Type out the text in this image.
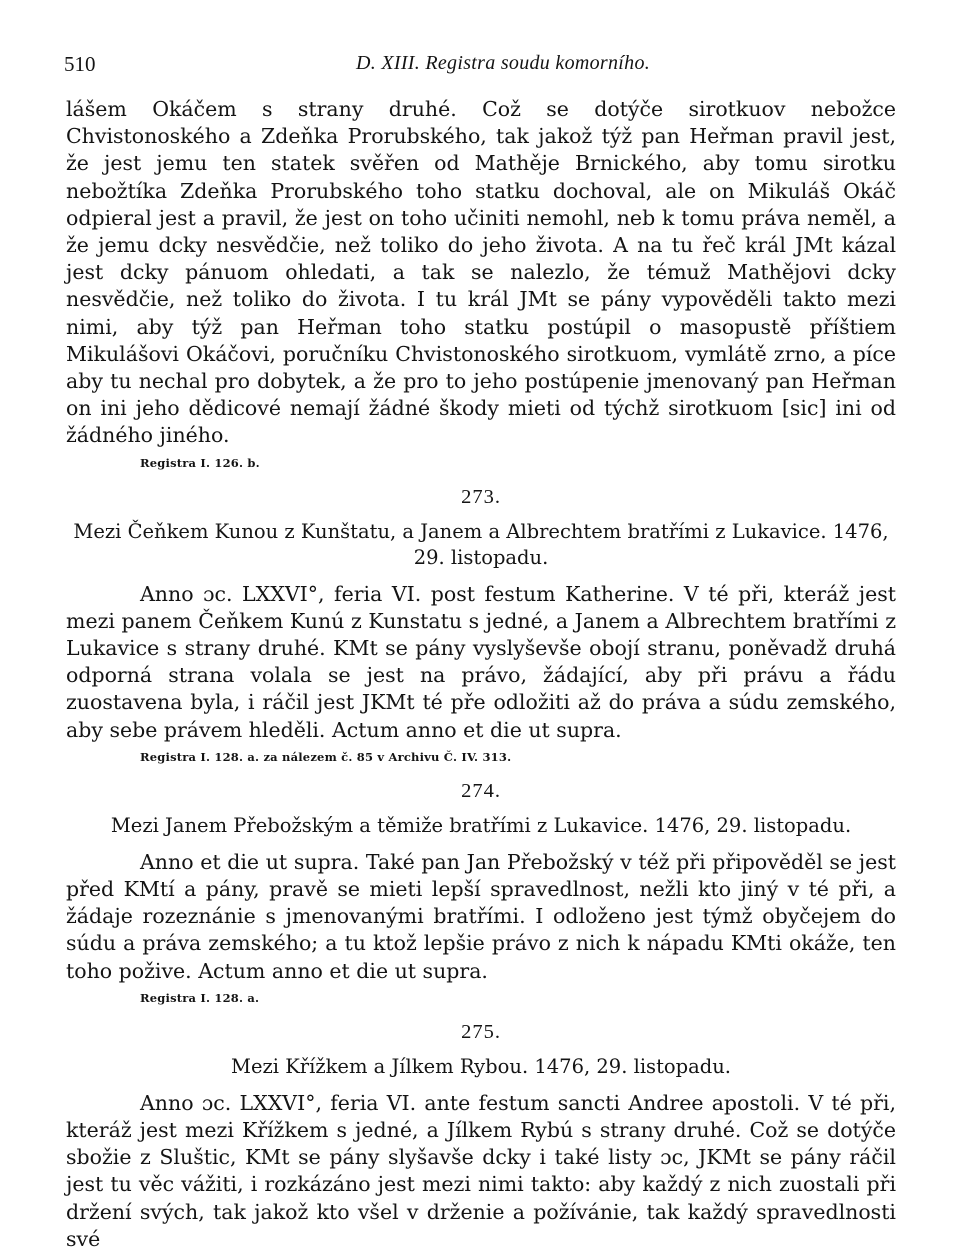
510	D. XIII. Registra soudu komorního.

lášem Okáčem s strany druhé. Což se dotýče sirotkuov nebožce Chvistonoského a Zdeňka Prorubského, tak jakož týž pan Heřman pravil jest, že jest jemu ten statek svěřen od Mathěje Brnického, aby tomu sirotku nebožtíka Zdeňka Prorubského toho statku dochoval, ale on Mikuláš Okáč odpieral jest a pravil, že jest on toho učiniti nemohl, neb k tomu práva neměl, a že jemu dcky nesvědčie, než toliko do jeho života. A na tu řeč král JMt kázal jest dcky pánuom ohledati, a tak se nalezlo, že témuž Mathějovi dcky nesvědčie, než toliko do života. I tu král JMt se pány vypověděli takto mezi nimi, aby týž pan Heřman toho statku postúpil o masopustě příštiem Mikulášovi Okáčovi, poručníku Chvistonoského sirotkuom, vymlátě zrno, a píce aby tu nechal pro dobytek, a že pro to jeho postúpenie jmenovaný pan Heřman on ini jeho dědicové nemají žádné škody mieti od týchž sirotkuom [sic] ini od žádného jiného.

Registra I. 126. b.
273.
Mezi Čeňkem Kunou z Kunštatu, a Janem a Albrechtem bratřími z Lukavice. 1476, 29. listopadu.

Anno ɔc. LXXVI°, feria VI. post festum Katherine. V té při, kteráž jest mezi panem Čeňkem Kunú z Kunstatu s jedné, a Janem a Albrechtem bratřími z Lukavice s strany druhé. KMt se pány vyslyševše obojí stranu, poněvadž druhá odporná strana volala se jest na právo, žádající, aby při právu a řádu zuostavena byla, i ráčil jest JKMt té pře odložiti až do práva a súdu zemského, aby sebe právem hleděli. Actum anno et die ut supra.

Registra I. 128. a. za nálezem č. 85 v Archivu Č. IV. 313.
274.
Mezi Janem Přebožským a těmiže bratřími z Lukavice. 1476, 29. listopadu.

Anno et die ut supra. Také pan Jan Přebožský v též při připověděl se jest před KMtí a pány, pravě se mieti lepší spravedlnost, nežli kto jiný v té při, a žádaje rozeznánie s jmenovanými bratřími. I odloženo jest týmž obyčejem do súdu a práva zemského; a tu ktož lepšie právo z nich k nápadu KMti okáže, ten toho požive. Actum anno et die ut supra.

Registra I. 128. a.
275.
Mezi Křížkem a Jílkem Rybou. 1476, 29. listopadu.

Anno ɔc. LXXVI°, feria VI. ante festum sancti Andree apostoli. V té při, kteráž jest mezi Křížkem s jedné, a Jílkem Rybú s strany druhé. Což se dotýče sbožie z Sluštic, KMt se pány slyšavše dcky i také listy ɔc, JKMt se pány ráčil jest tu věc vážiti, i rozkázáno jest mezi nimi takto: aby každý z nich zuostali při držení svých, tak jakož kto všel v drženie a požívánie, tak každý spravedlnosti své
